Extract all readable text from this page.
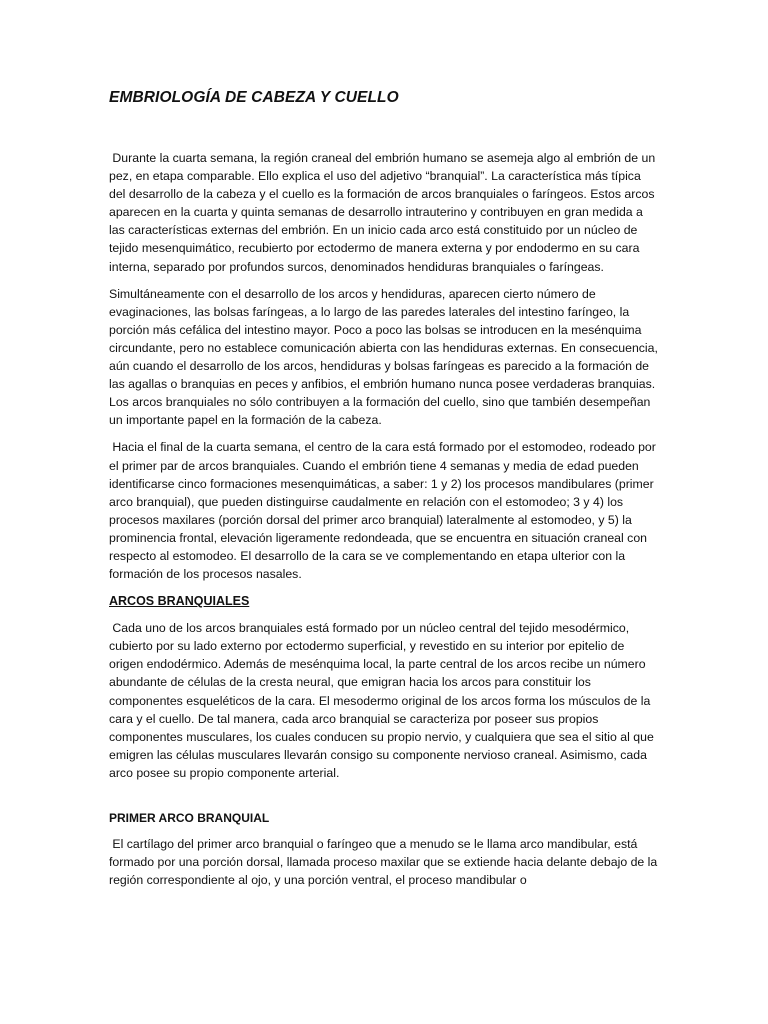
EMBRIOLOGÍA DE CABEZA Y CUELLO

Durante la cuarta semana, la región craneal del embrión humano se asemeja algo al embrión de un pez, en etapa comparable. Ello explica el uso del adjetivo “branquial”. La característica más típica del desarrollo de la cabeza y el cuello es la formación de arcos branquiales o faríngeos. Estos arcos aparecen en la cuarta y quinta semanas de desarrollo intrauterino y contribuyen en gran medida a las características externas del embrión. En un inicio cada arco está constituido por un núcleo de tejido mesenquimático, recubierto por ectodermo de manera externa y por endodermo en su cara interna, separado por profundos surcos, denominados hendiduras branquiales o faríngeas.

Simultáneamente con el desarrollo de los arcos y hendiduras, aparecen cierto número de evaginaciones, las bolsas faríngeas, a lo largo de las paredes laterales del intestino faríngeo, la porción más cefálica del intestino mayor. Poco a poco las bolsas se introducen en la mesénquima circundante, pero no establece comunicación abierta con las hendiduras externas. En consecuencia, aún cuando el desarrollo de los arcos, hendiduras y bolsas faríngeas es parecido a la formación de las agallas o branquias en peces y anfibios, el embrión humano nunca posee verdaderas branquias. Los arcos branquiales no sólo contribuyen a la formación del cuello, sino que también desempeñan un importante papel en la formación de la cabeza.

Hacia el final de la cuarta semana, el centro de la cara está formado por el estomodeo, rodeado por el primer par de arcos branquiales. Cuando el embrión tiene 4 semanas y media de edad pueden identificarse cinco formaciones mesenquimáticas, a saber: 1 y 2) los procesos mandibulares (primer arco branquial), que pueden distinguirse caudalmente en relación con el estomodeo; 3 y 4) los procesos maxilares (porción dorsal del primer arco branquial) lateralmente al estomodeo, y 5) la prominencia frontal, elevación ligeramente redondeada, que se encuentra en situación craneal con respecto al estomodeo. El desarrollo de la cara se ve complementando en etapa ulterior con la formación de los procesos nasales.

ARCOS BRANQUIALES

Cada uno de los arcos branquiales está formado por un núcleo central del tejido mesodérmico, cubierto por su lado externo por ectodermo superficial, y revestido en su interior por epitelio de origen endodérmico. Además de mesénquima local, la parte central de los arcos recibe un número abundante de células de la cresta neural, que emigran hacia los arcos para constituir los componentes esqueléticos de la cara. El mesodermo original de los arcos forma los músculos de la cara y el cuello. De tal manera, cada arco branquial se caracteriza por poseer sus propios componentes musculares, los cuales conducen su propio nervio, y cualquiera que sea el sitio al que emigren las células musculares llevarán consigo su componente nervioso craneal. Asimismo, cada arco posee su propio componente arterial.

PRIMER ARCO BRANQUIAL

El cartílago del primer arco branquial o faríngeo que a menudo se le llama arco mandibular, está formado por una porción dorsal, llamada proceso maxilar que se extiende hacia delante debajo de la región correspondiente al ojo, y una porción ventral, el proceso mandibular o
